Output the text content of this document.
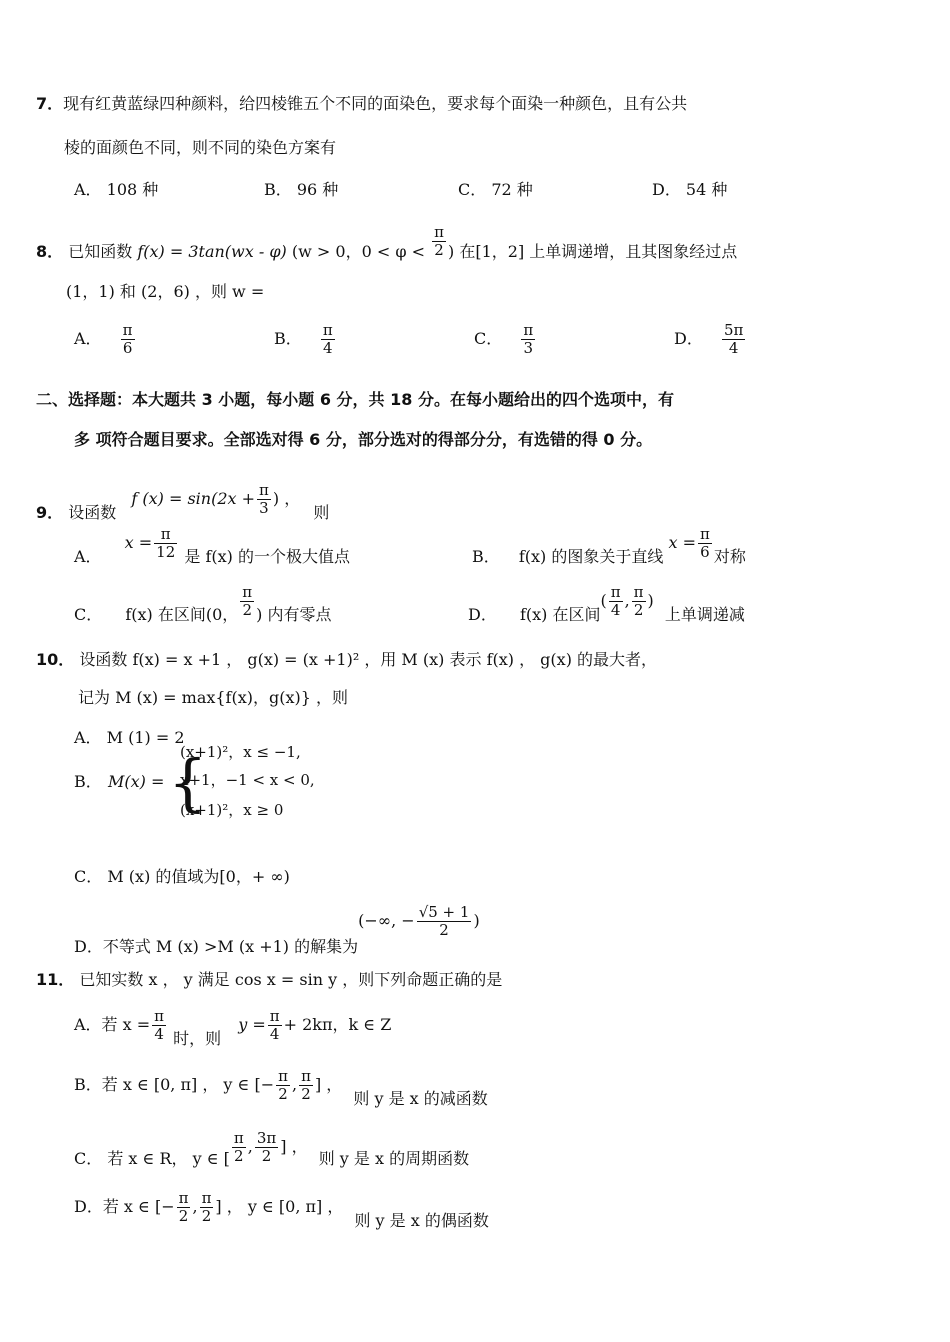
7．现有红黄蓝绿四种颜料，给四棱锥五个不同的面染色，要求每个面染一种颜色，且有公共
棱的面颜色不同，则不同的染色方案有
A． 108 种	B． 96 种	C． 72 种	D． 54 种
8． 已知函数 f(x) = 3tan(wx - φ) (w > 0，$0 < \varphi < \frac{\pi}{2}$ ) 在[1，2] 上单调递增，且其图象经过点
(1，1) 和 (2，6) ，则 w =
A． $\frac{\pi}{6}$	B． $\frac{\pi}{4}$	C． $\frac{\pi}{3}$	D． $\frac{5\pi}{4}$
二、选择题：本大题共 3 小题，每小题 6 分，共 18 分。在每小题给出的四个选项中，有
多 项符合题目要求。全部选对得 6 分，部分选对的得部分分，有选错的得 0 分。
9． 设函数 f $(x) = \sin(2x + \frac{\pi}{3}$ ) ， 则
A． $x = \frac{\pi}{12}$ 是 f(x) 的一个极大值点	B． f(x) 的图象关于直线 $x = \frac{\pi}{6}$ 对称
C． f(x) 在区间(0， $\frac{\pi}{2}$ ) 内有零点	D． f(x) 在区间( $\frac{\pi}{4}$ , $\frac{\pi}{2}$ ) 上单调递减
10． 设函数 f(x) = x +1 ， g(x) = (x +1)² ，用 M (x) 表示 f(x) ， g(x) 的最大者，
记为 M (x) = max{f(x)，g(x)} ，则
A． M (1) = 2
B． M(x) = {
(x+1)²，x ≤ −1,
x+1，−1 < x < 0,
(x+1)²，x ≥ 0
C． M (x) 的值域为[0，+ ∞)
D．不等式 M (x) >M (x +1) 的解集为(−∞, − $\frac{√5 + 1}{2}$ )
11． 已知实数 x ， y 满足 cos x = sin y ，则下列命题正确的是
A．若 $x = \frac{\pi}{4}$ 时，则 $y = \frac{\pi}{4} + 2k\pi$，k ∈ Z
B．若 x ∈ [0, π] ， y ∈ [− $\frac{\pi}{2}$ , $\frac{\pi}{2}$ ] ， 则 y 是 x 的减函数
C． 若 x ∈ R， y ∈ [ $\frac{\pi}{2}$ , $\frac{3\pi}{2}$ ] ， 则 y 是 x 的周期函数
D．若 x ∈ [− $\frac{\pi}{2}$ , $\frac{\pi}{2}$ ] ， y ∈ [0, π] ， 则 y 是 x 的偶函数
